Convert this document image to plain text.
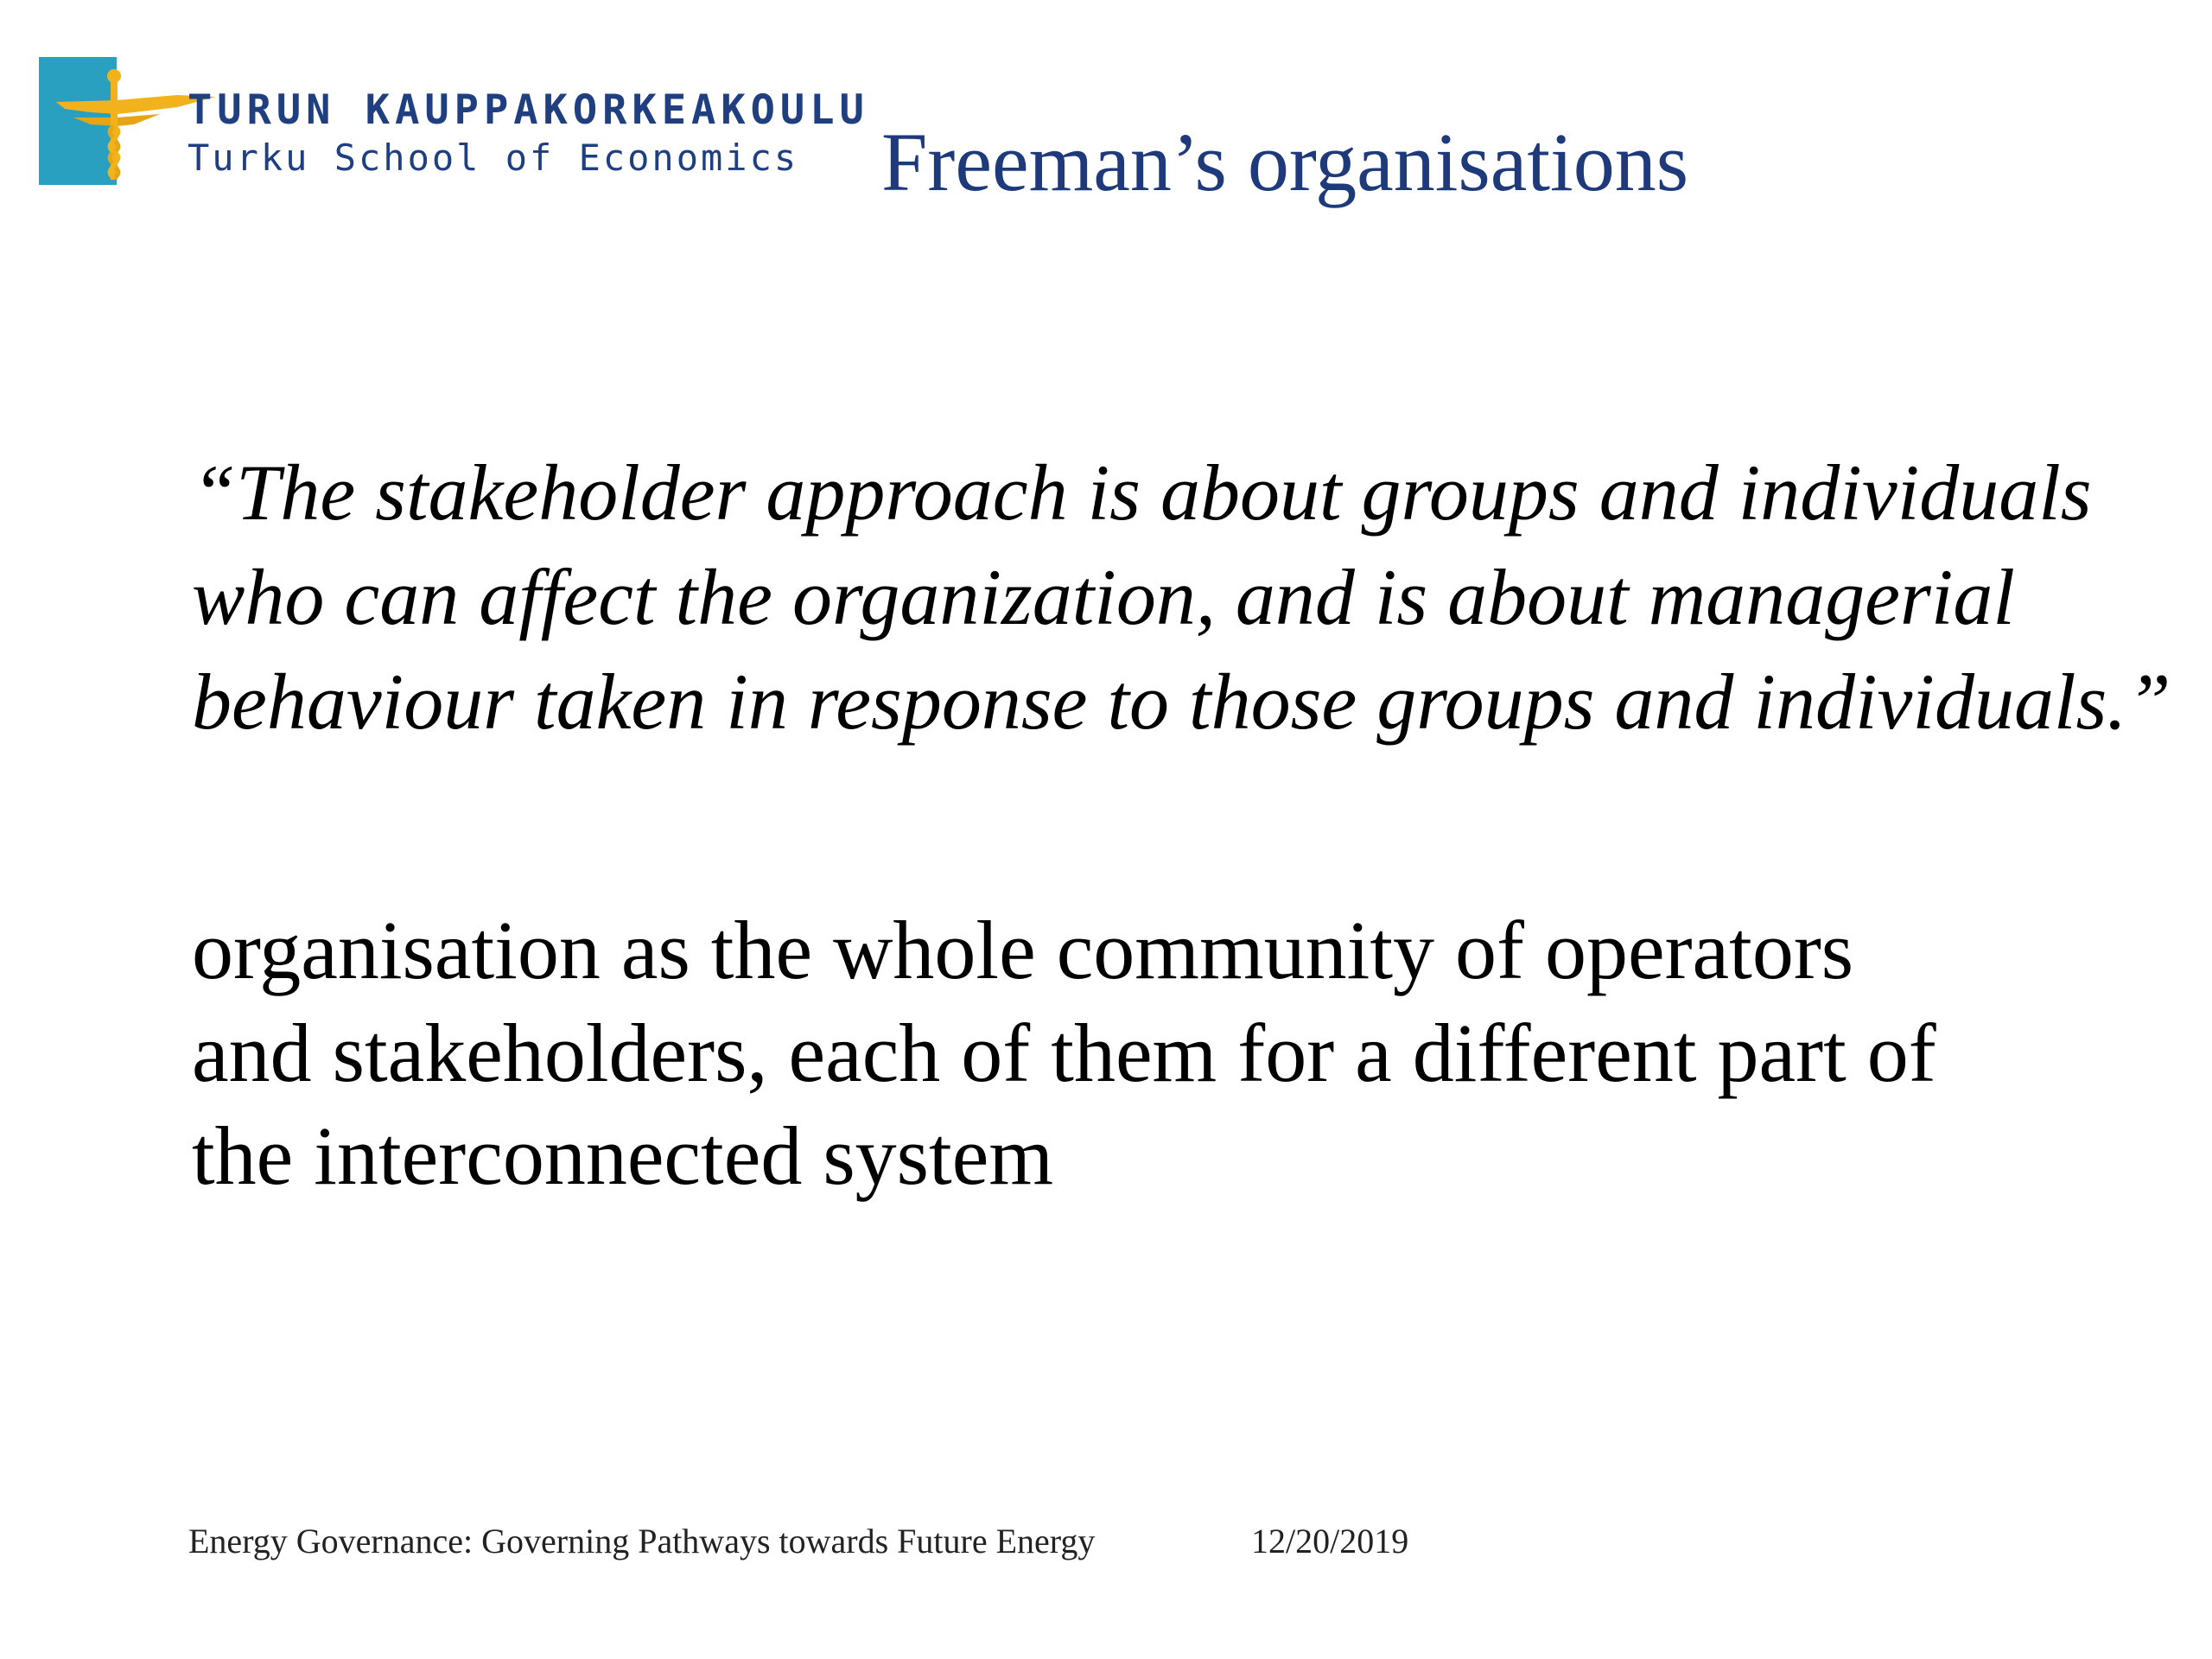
TURUN KAUPPAKORKEAKOULU
Turku School of Economics Freeman’s organisations

“The stakeholder approach is about groups and individuals
who can affect the organization, and is about managerial
behaviour taken in response to those groups and individuals.”

organisation as the whole community of operators
and stakeholders, each of them for a different part of
the interconnected system

Energy Governance: Governing Pathways towards Future Energy	12/20/2019
